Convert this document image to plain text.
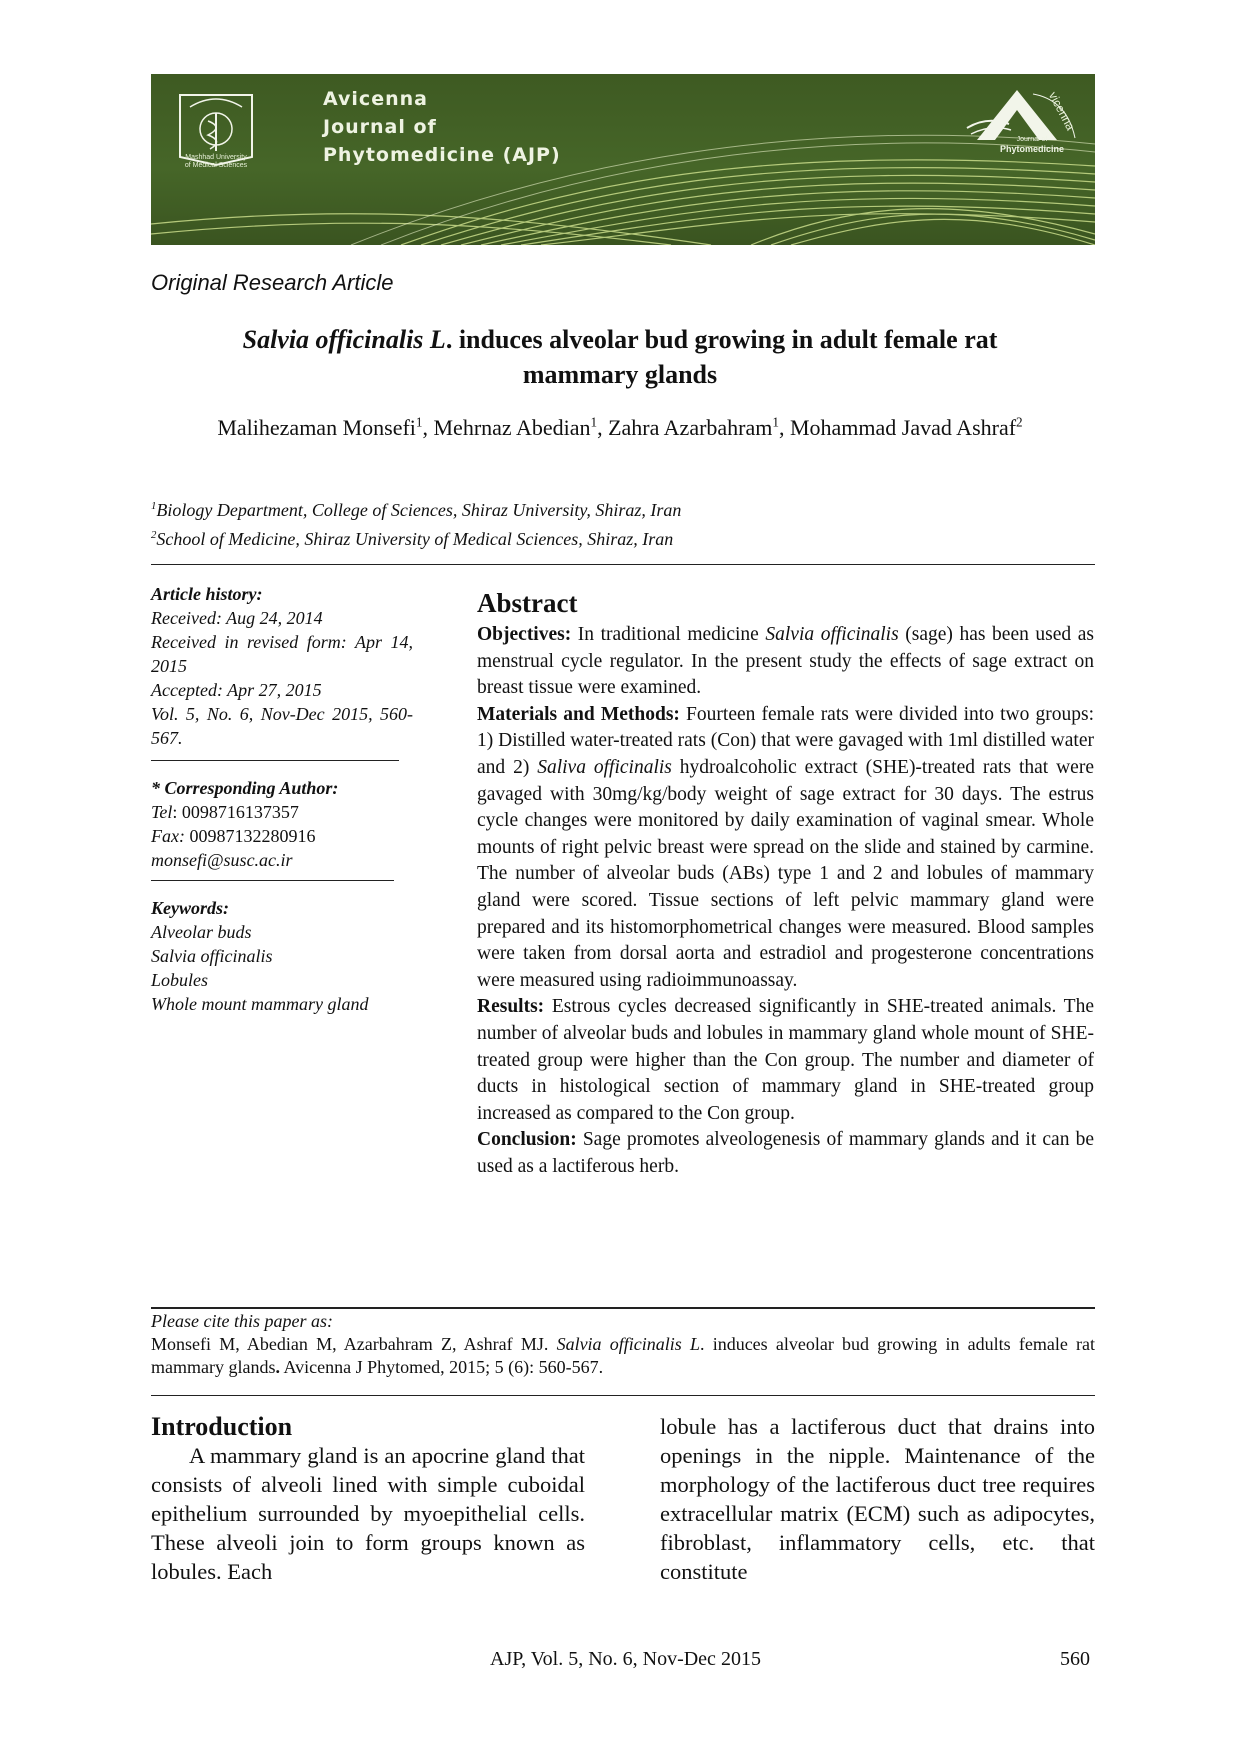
Mashhad University
of Medical Sciences
Avicenna
Journal of
Phytomedicine (AJP)
vicenna
Journal of
Phytomedicine
Original Research Article
Salvia officinalis L. induces alveolar bud growing in adult female rat
mammary glands
Malihezaman Monsefi$^1$, Mehrnaz Abedian$^1$, Zahra Azarbahram$^1$, Mohammad Javad Ashraf$^2$
$^1$Biology Department, College of Sciences, Shiraz University, Shiraz, Iran
$^2$School of Medicine, Shiraz University of Medical Sciences, Shiraz, Iran
Article history:
Received: Aug 24, 2014

Received in revised form: Apr 14, 2015
Accepted: Apr 27, 2015

Vol. 5, No. 6, Nov-Dec 2015, 560-567.
* Corresponding Author:
Tel: 0098716137357
Fax: 00987132280916
monsefi@susc.ac.ir
Keywords:
Alveolar buds
Salvia officinalis
Lobules
Whole mount mammary gland
Abstract

Objectives: In traditional medicine Salvia officinalis (sage) has been used as menstrual cycle regulator. In the present study the effects of sage extract on breast tissue were examined.

Materials and Methods: Fourteen female rats were divided into two groups: 1) Distilled water-treated rats (Con) that were gavaged with 1ml distilled water and 2) Saliva officinalis hydroalcoholic extract (SHE)-treated rats that were gavaged with 30mg/kg/body weight of sage extract for 30 days. The estrus cycle changes were monitored by daily examination of vaginal smear. Whole mounts of right pelvic breast were spread on the slide and stained by carmine. The number of alveolar buds (ABs) type 1 and 2 and lobules of mammary gland were scored. Tissue sections of left pelvic mammary gland were prepared and its histomorphometrical changes were measured. Blood samples were taken from dorsal aorta and estradiol and progesterone concentrations were measured using radioimmunoassay.

Results: Estrous cycles decreased significantly in SHE-treated animals. The number of alveolar buds and lobules in mammary gland whole mount of SHE-treated group were higher than the Con group. The number and diameter of ducts in histological section of mammary gland in SHE-treated group increased as compared to the Con group.

Conclusion: Sage promotes alveologenesis of mammary glands and it can be used as a lactiferous herb.

Please cite this paper as:
Monsefi M, Abedian M, Azarbahram Z, Ashraf MJ. Salvia officinalis L. induces alveolar bud growing in adults female rat mammary glands. Avicenna J Phytomed, 2015; 5 (6): 560-567.
Introduction
A mammary gland is an apocrine gland that consists of alveoli lined with simple cuboidal epithelium surrounded by myoepithelial cells. These alveoli join to form groups known as lobules. Each
lobule has a lactiferous duct that drains into openings in the nipple. Maintenance of the morphology of the lactiferous duct tree requires extracellular matrix (ECM) such as adipocytes, fibroblast, inflammatory cells, etc. that constitute
AJP, Vol. 5, No. 6, Nov-Dec 2015	560
